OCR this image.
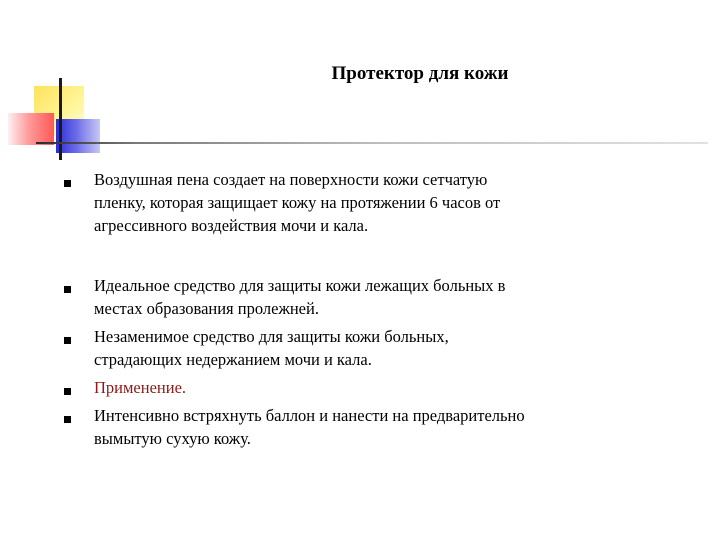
Протектор для кожи
Воздушная пена создает на поверхности кожи сетчатую
пленку, которая защищает кожу на протяжении 6 часов от
агрессивного воздействия мочи и кала.
Идеальное средство для защиты кожи лежащих больных в
местах образования пролежней.
Незаменимое средство для защиты кожи больных,
страдающих недержанием мочи и кала.
Применение.
Интенсивно встряхнуть баллон и нанести на предварительно
вымытую сухую кожу.
